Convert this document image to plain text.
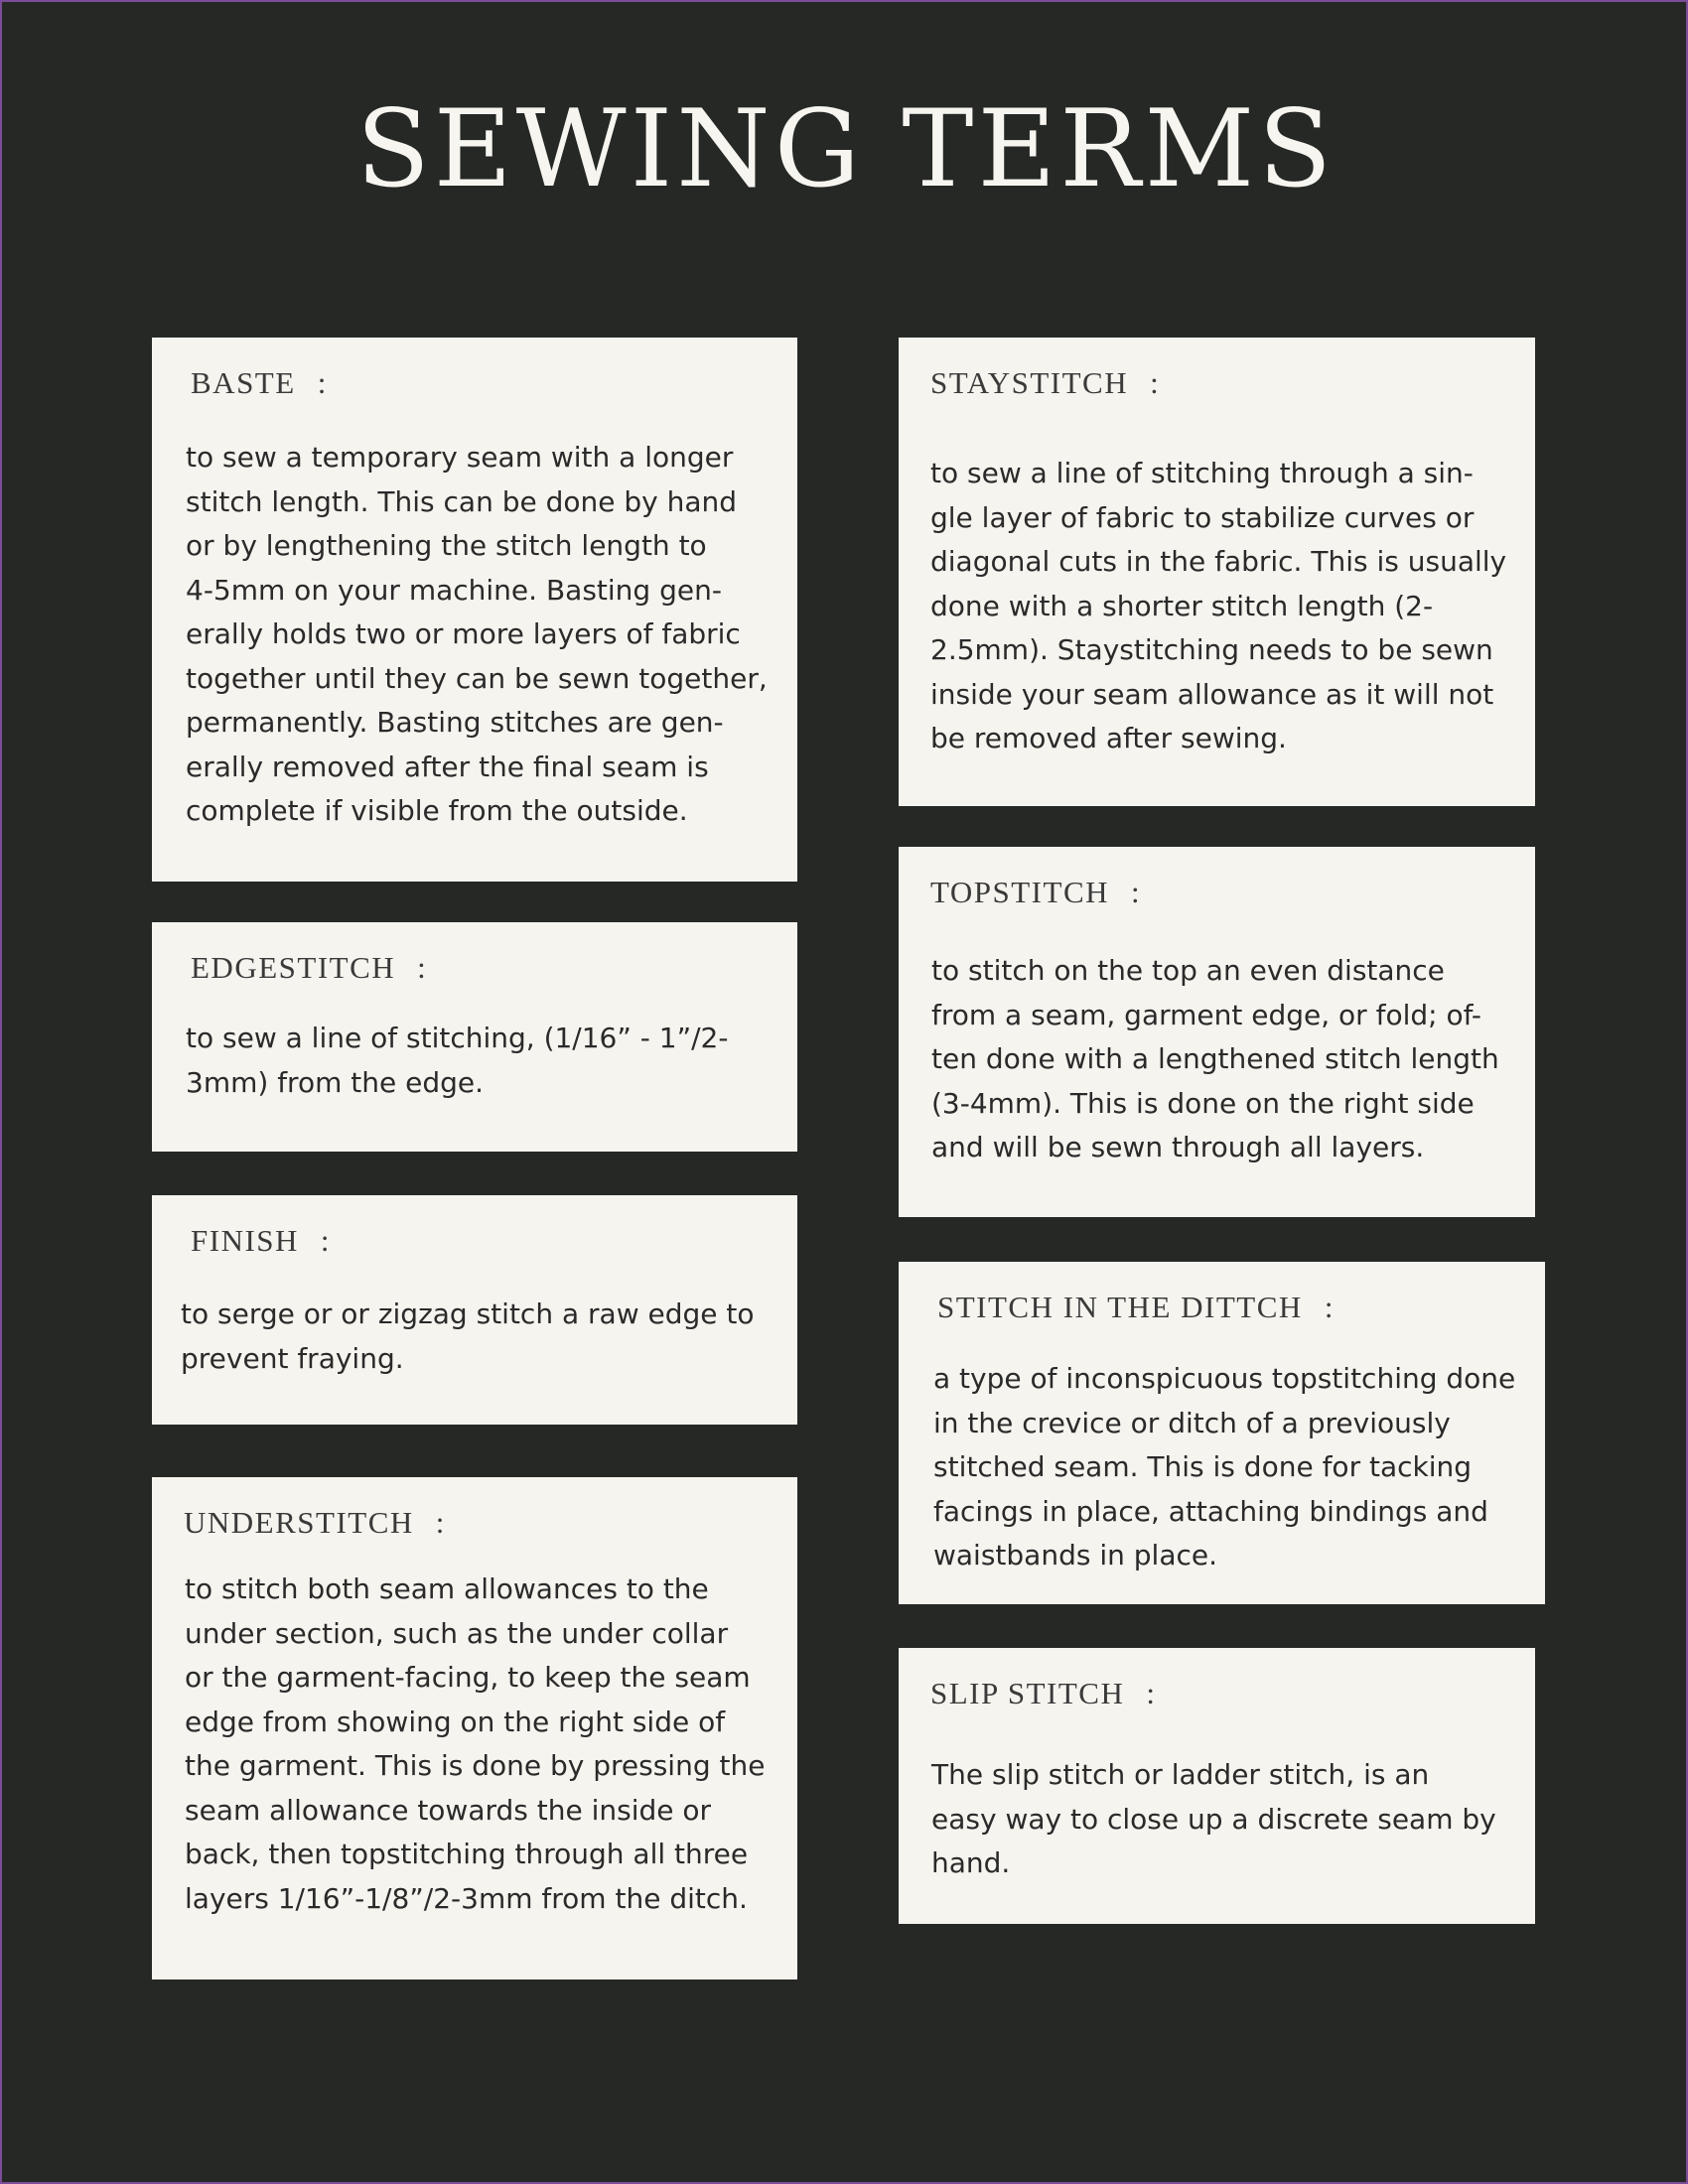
SEWING TERMS
BASTE :
to sew a temporary seam with a longer
stitch length. This can be done by hand
or by lengthening the stitch length to
4-5mm on your machine. Basting gen-
erally holds two or more layers of fabric
together until they can be sewn together,
permanently. Basting stitches are gen-
erally removed after the final seam is
complete if visible from the outside.
EDGESTITCH :
to sew a line of stitching, (1/16” - 1”/2-
3mm) from the edge.
FINISH :
to serge or or zigzag stitch a raw edge to
prevent fraying.
UNDERSTITCH :
to stitch both seam allowances to the
under section, such as the under collar
or the garment-facing, to keep the seam
edge from showing on the right side of
the garment. This is done by pressing the
seam allowance towards the inside or
back, then topstitching through all three
layers 1/16”-1/8”/2-3mm from the ditch.
STAYSTITCH :
to sew a line of stitching through a sin-
gle layer of fabric to stabilize curves or
diagonal cuts in the fabric. This is usually
done with a shorter stitch length (2-
2.5mm). Staystitching needs to be sewn
inside your seam allowance as it will not
be removed after sewing.
TOPSTITCH :
to stitch on the top an even distance
from a seam, garment edge, or fold; of-
ten done with a lengthened stitch length
(3-4mm). This is done on the right side
and will be sewn through all layers.
STITCH IN THE DITTCH :
a type of inconspicuous topstitching done
in the crevice or ditch of a previously
stitched seam. This is done for tacking
facings in place, attaching bindings and
waistbands in place.
SLIP STITCH :
The slip stitch or ladder stitch, is an
easy way to close up a discrete seam by
hand.
